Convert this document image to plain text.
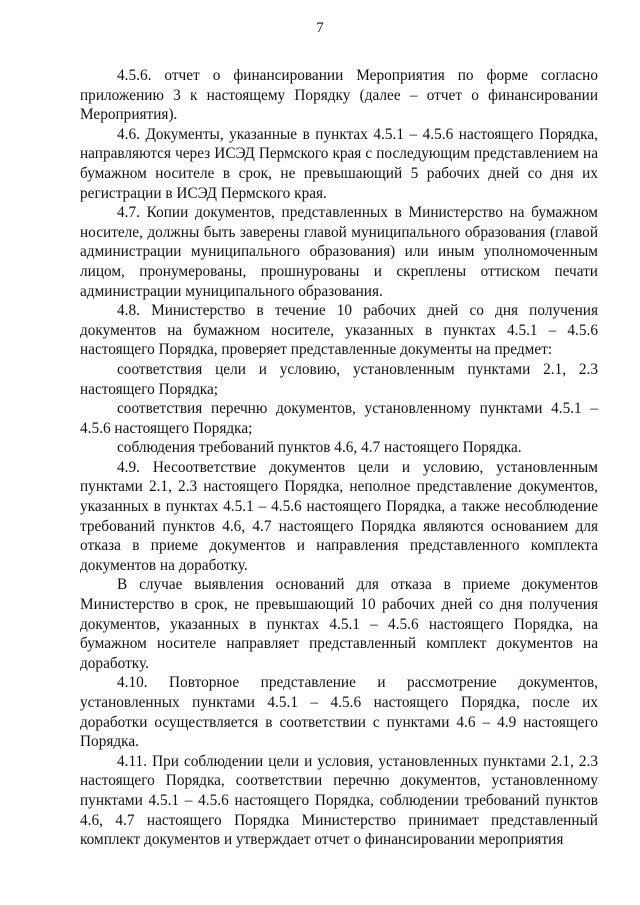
7

4.5.6. отчет о финансировании Мероприятия по форме согласно приложению 3 к настоящему Порядку (далее – отчет о финансировании Мероприятия).

4.6. Документы, указанные в пунктах 4.5.1 – 4.5.6 настоящего Порядка, направляются через ИСЭД Пермского края с последующим представлением на бумажном носителе в срок, не превышающий 5 рабочих дней со дня их регистрации в ИСЭД Пермского края.

4.7. Копии документов, представленных в Министерство на бумажном носителе, должны быть заверены главой муниципального образования (главой администрации муниципального образования) или иным уполномоченным лицом, пронумерованы, прошнурованы и скреплены оттиском печати администрации муниципального образования.

4.8. Министерство в течение 10 рабочих дней со дня получения документов на бумажном носителе, указанных в пунктах 4.5.1 – 4.5.6 настоящего Порядка, проверяет представленные документы на предмет:

соответствия цели и условию, установленным пунктами 2.1, 2.3 настоящего Порядка;

соответствия перечню документов, установленному пунктами 4.5.1 – 4.5.6 настоящего Порядка;

соблюдения требований пунктов 4.6, 4.7 настоящего Порядка.

4.9. Несоответствие документов цели и условию, установленным пунктами 2.1, 2.3 настоящего Порядка, неполное представление документов, указанных в пунктах 4.5.1 – 4.5.6 настоящего Порядка, а также несоблюдение требований пунктов 4.6, 4.7 настоящего Порядка являются основанием для отказа в приеме документов и направления представленного комплекта документов на доработку.

В случае выявления оснований для отказа в приеме документов Министерство в срок, не превышающий 10 рабочих дней со дня получения документов, указанных в пунктах 4.5.1 – 4.5.6 настоящего Порядка, на бумажном носителе направляет представленный комплект документов на доработку.

4.10. Повторное представление и рассмотрение документов, установленных пунктами 4.5.1 – 4.5.6 настоящего Порядка, после их доработки осуществляется в соответствии с пунктами 4.6 – 4.9 настоящего Порядка.

4.11. При соблюдении цели и условия, установленных пунктами 2.1, 2.3 настоящего Порядка, соответствии перечню документов, установленному пунктами 4.5.1 – 4.5.6 настоящего Порядка, соблюдении требований пунктов 4.6, 4.7 настоящего Порядка Министерство принимает представленный комплект документов и утверждает отчет о финансировании мероприятия
